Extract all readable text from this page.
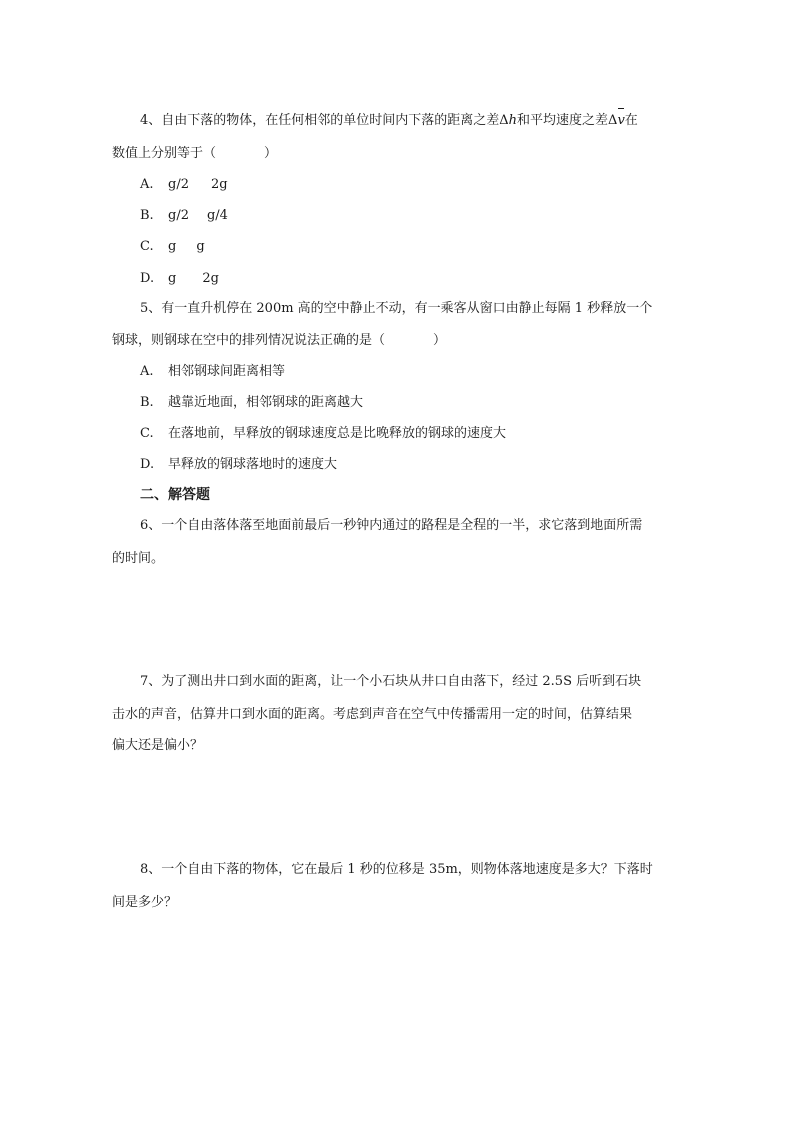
4、自由下落的物体，在任何相邻的单位时间内下落的距离之差Δh和平均速度之差Δv在
数值上分别等于（	）
A. g/2 2g
B. g/2 g/4
C. g g
D. g 2g
5、有一直升机停在 200m 高的空中静止不动，有一乘客从窗口由静止每隔 1 秒释放一个
钢球，则钢球在空中的排列情况说法正确的是（	）
A. 相邻钢球间距离相等
B. 越靠近地面，相邻钢球的距离越大
C. 在落地前，早释放的钢球速度总是比晚释放的钢球的速度大
D. 早释放的钢球落地时的速度大
二、解答题
6、一个自由落体落至地面前最后一秒钟内通过的路程是全程的一半，求它落到地面所需
的时间。
7、为了测出井口到水面的距离，让一个小石块从井口自由落下，经过 2.5S 后听到石块
击水的声音，估算井口到水面的距离。考虑到声音在空气中传播需用一定的时间，估算结果
偏大还是偏小？
8、一个自由下落的物体，它在最后 1 秒的位移是 35m，则物体落地速度是多大？下落时
间是多少？
